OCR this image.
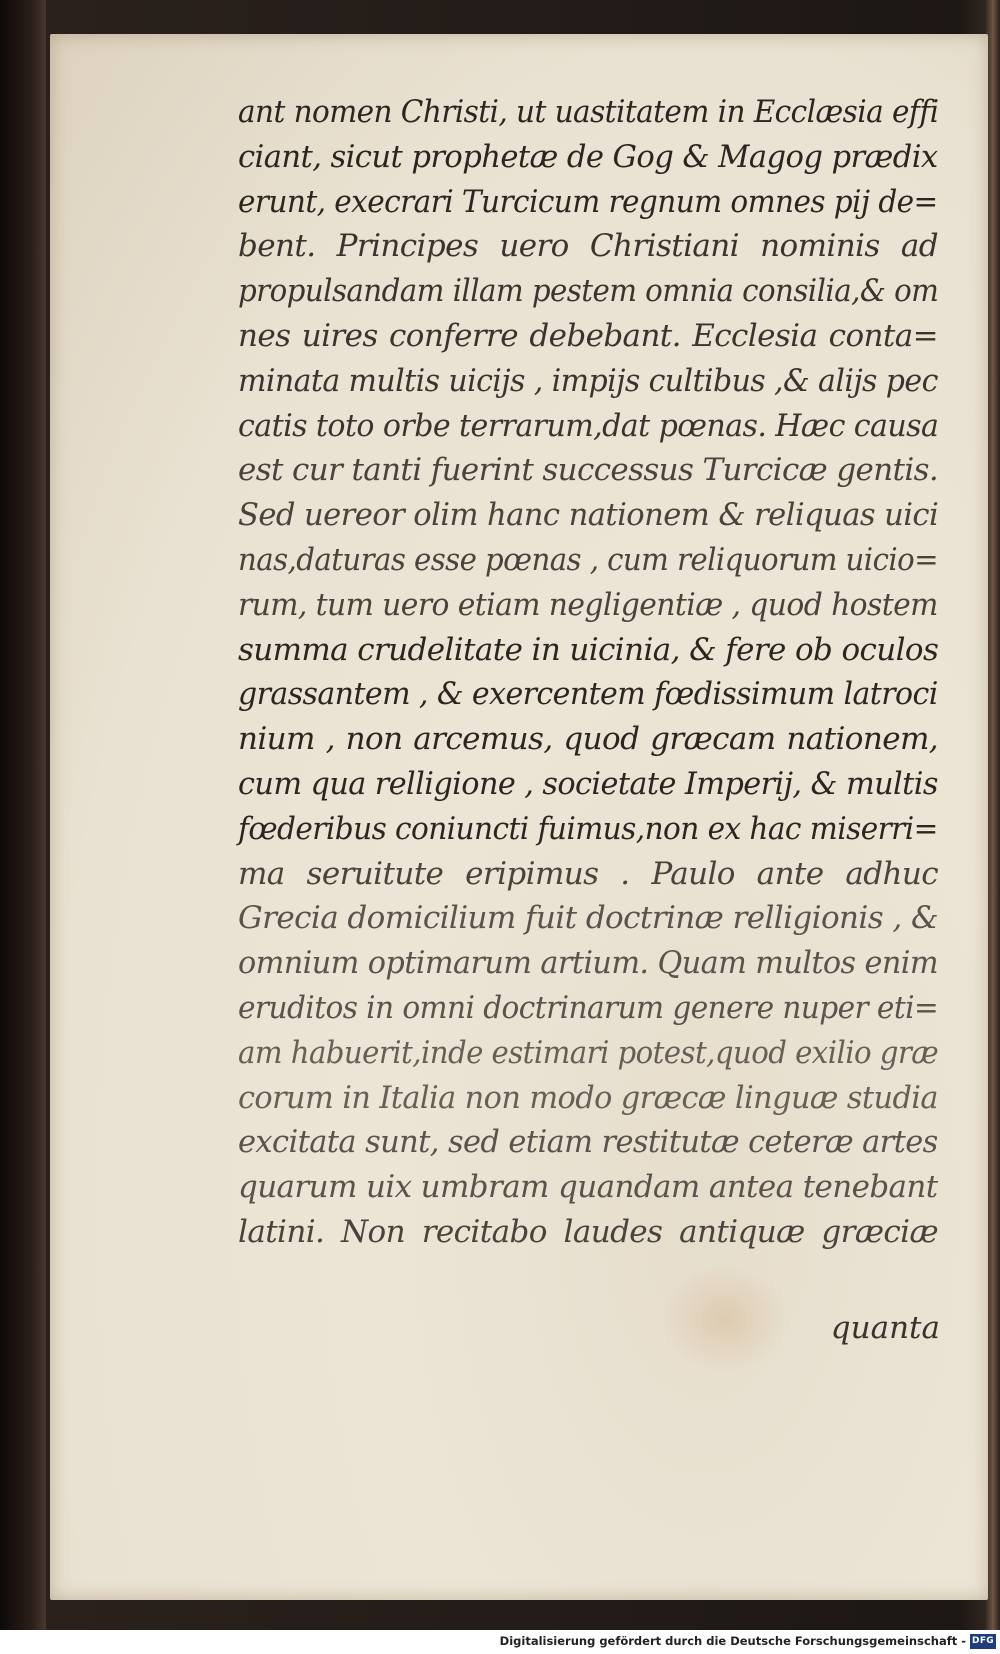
ant nomen Christi, ut uastitatem in Ecclæsia effi
ciant, sicut prophetæ de Gog & Magog prædix
erunt, execrari Turcicum regnum omnes pij de=
bent. Principes uero Christiani nominis ad
propulsandam illam pestem omnia consilia,& om
nes uires conferre debebant. Ecclesia conta=
minata multis uicijs , impijs cultibus ,& alijs pec
catis toto orbe terrarum,dat pœnas. Hæc causa
est cur tanti fuerint successus Turcicæ gentis.
Sed uereor olim hanc nationem & reliquas uici
nas,daturas esse pœnas , cum reliquorum uicio=
rum, tum uero etiam negligentiæ , quod hostem
summa crudelitate in uicinia, & fere ob oculos
grassantem , & exercentem fœdissimum latroci
nium , non arcemus, quod græcam nationem,
cum qua relligione , societate Imperij, & multis
fœderibus coniuncti fuimus,non ex hac miserri=
ma seruitute eripimus . Paulo ante adhuc
Grecia domicilium fuit doctrinæ relligionis , &
omnium optimarum artium. Quam multos enim
eruditos in omni doctrinarum genere nuper eti=
am habuerit,inde estimari potest,quod exilio græ
corum in Italia non modo græcæ linguæ studia
excitata sunt, sed etiam restitutæ ceteræ artes
quarum uix umbram quandam antea tenebant
latini. Non recitabo laudes antiquæ græciæ
quanta
Digitalisierung gefördert durch die Deutsche Forschungsgemeinschaft - DFG
